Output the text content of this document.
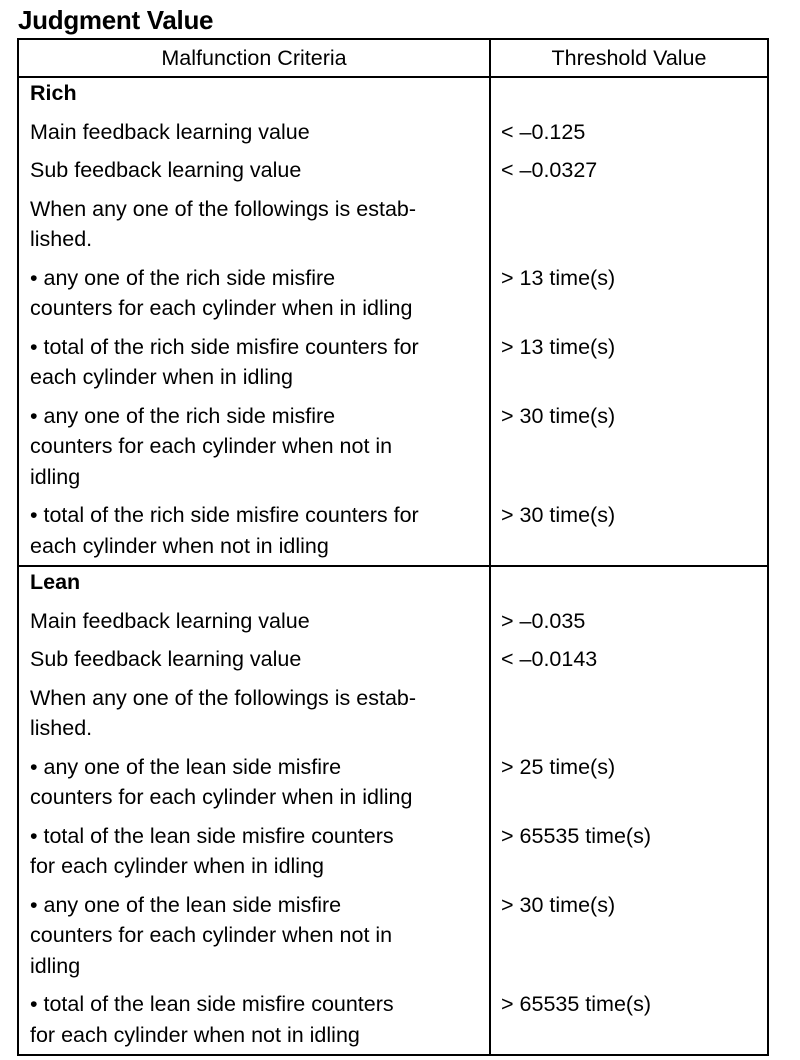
Judgment Value
Malfunction Criteria	Threshold Value

Rich	

Main feedback learning value	< –0.125

Sub feedback learning value	< –0.0327

When any one of the followings is estab-
lished.	

• any one of the rich side misfire
counters for each cylinder when in idling	> 13 time(s)

• total of the rich side misfire counters for
each cylinder when in idling	> 13 time(s)

• any one of the rich side misfire
counters for each cylinder when not in
idling	> 30 time(s)

• total of the rich side misfire counters for
each cylinder when not in idling	> 30 time(s)

Lean	

Main feedback learning value	> –0.035

Sub feedback learning value	< –0.0143

When any one of the followings is estab-
lished.	

• any one of the lean side misfire
counters for each cylinder when in idling	> 25 time(s)

• total of the lean side misfire counters
for each cylinder when in idling	> 65535 time(s)

• any one of the lean side misfire
counters for each cylinder when not in
idling	> 30 time(s)

• total of the lean side misfire counters
for each cylinder when not in idling	> 65535 time(s)
